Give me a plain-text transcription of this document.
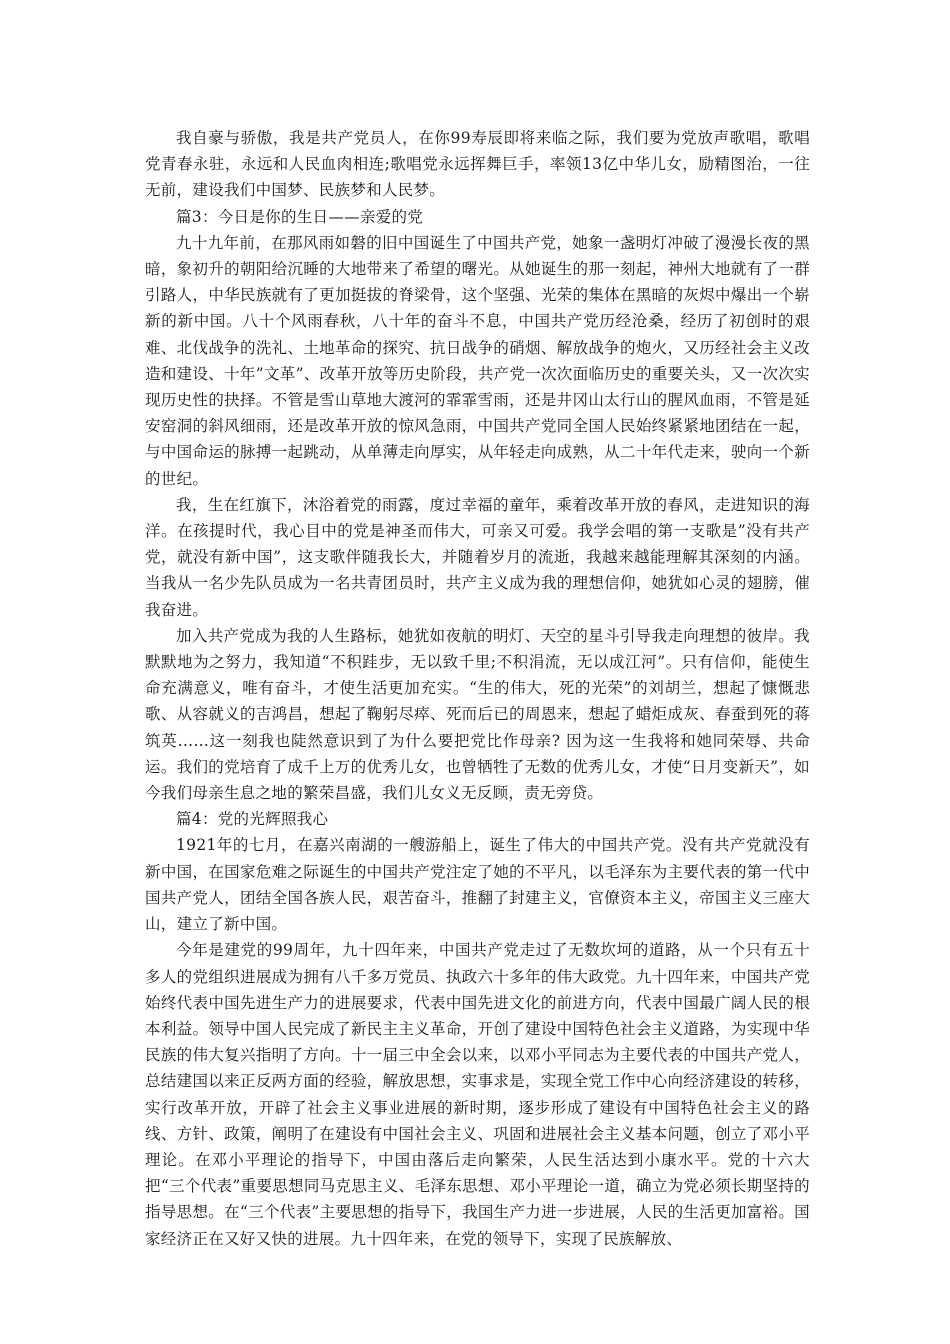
我自豪与骄傲，我是共产党员人，在你99寿辰即将来临之际，我们要为党放声歌唱，歌唱党青春永驻，永远和人民血肉相连;歌唱党永远挥舞巨手，率领13亿中华儿女，励精图治，一往无前，建设我们中国梦、民族梦和人民梦。

篇3：今日是你的生日——亲爱的党

九十九年前，在那风雨如磐的旧中国诞生了中国共产党，她象一盏明灯冲破了漫漫长夜的黑暗，象初升的朝阳给沉睡的大地带来了希望的曙光。从她诞生的那一刻起，神州大地就有了一群引路人，中华民族就有了更加挺拔的脊梁骨，这个坚强、光荣的集体在黑暗的灰烬中爆出一个崭新的新中国。八十个风雨春秋，八十年的奋斗不息，中国共产党历经沧桑，经历了初创时的艰难、北伐战争的洗礼、土地革命的探究、抗日战争的硝烟、解放战争的炮火，又历经社会主义改造和建设、十年”文革”、改革开放等历史阶段，共产党一次次面临历史的重要关头，又一次次实现历史性的抉择。不管是雪山草地大渡河的霏霏雪雨，还是井冈山太行山的腥风血雨，不管是延安窑洞的斜风细雨，还是改革开放的惊风急雨，中国共产党同全国人民始终紧紧地团结在一起，与中国命运的脉搏一起跳动，从单薄走向厚实，从年轻走向成熟，从二十年代走来，驶向一个新的世纪。

我，生在红旗下，沐浴着党的雨露，度过幸福的童年，乘着改革开放的春风，走进知识的海洋。在孩提时代，我心目中的党是神圣而伟大，可亲又可爱。我学会唱的第一支歌是”没有共产党，就没有新中国”，这支歌伴随我长大，并随着岁月的流逝，我越来越能理解其深刻的内涵。当我从一名少先队员成为一名共青团员时，共产主义成为我的理想信仰，她犹如心灵的翅膀，催我奋进。

加入共产党成为我的人生路标，她犹如夜航的明灯、天空的星斗引导我走向理想的彼岸。我默默地为之努力，我知道“不积跬步，无以致千里;不积涓流，无以成江河”。只有信仰，能使生命充满意义，唯有奋斗，才使生活更加充实。“生的伟大，死的光荣”的刘胡兰，想起了慷慨悲歌、从容就义的吉鸿昌，想起了鞠躬尽瘁、死而后已的周恩来，想起了蜡炬成灰、春蚕到死的蒋筑英……这一刻我也陡然意识到了为什么要把党比作母亲? 因为这一生我将和她同荣辱、共命运。我们的党培育了成千上万的优秀儿女，也曾牺牲了无数的优秀儿女，才使“日月变新天”，如今我们母亲生息之地的繁荣昌盛，我们儿女义无反顾，责无旁贷。

篇4：党的光辉照我心

1921年的七月，在嘉兴南湖的一艘游船上，诞生了伟大的中国共产党。没有共产党就没有新中国，在国家危难之际诞生的中国共产党注定了她的不平凡，以毛泽东为主要代表的第一代中国共产党人，团结全国各族人民，艰苦奋斗，推翻了封建主义，官僚资本主义，帝国主义三座大山，建立了新中国。

今年是建党的99周年，九十四年来，中国共产党走过了无数坎坷的道路，从一个只有五十多人的党组织进展成为拥有八千多万党员、执政六十多年的伟大政党。九十四年来，中国共产党始终代表中国先进生产力的进展要求，代表中国先进文化的前进方向，代表中国最广阔人民的根本利益。领导中国人民完成了新民主主义革命，开创了建设中国特色社会主义道路，为实现中华民族的伟大复兴指明了方向。十一届三中全会以来，以邓小平同志为主要代表的中国共产党人，总结建国以来正反两方面的经验，解放思想，实事求是，实现全党工作中心向经济建设的转移，实行改革开放，开辟了社会主义事业进展的新时期，逐步形成了建设有中国特色社会主义的路线、方针、政策，阐明了在建设有中国社会主义、巩固和进展社会主义基本问题，创立了邓小平理论。在邓小平理论的指导下，中国由落后走向繁荣，人民生活达到小康水平。党的十六大把“三个代表”重要思想同马克思主义、毛泽东思想、邓小平理论一道，确立为党必须长期坚持的指导思想。在“三个代表”主要思想的指导下，我国生产力进一步进展，人民的生活更加富裕。国家经济正在又好又快的进展。九十四年来，在党的领导下，实现了民族解放、
